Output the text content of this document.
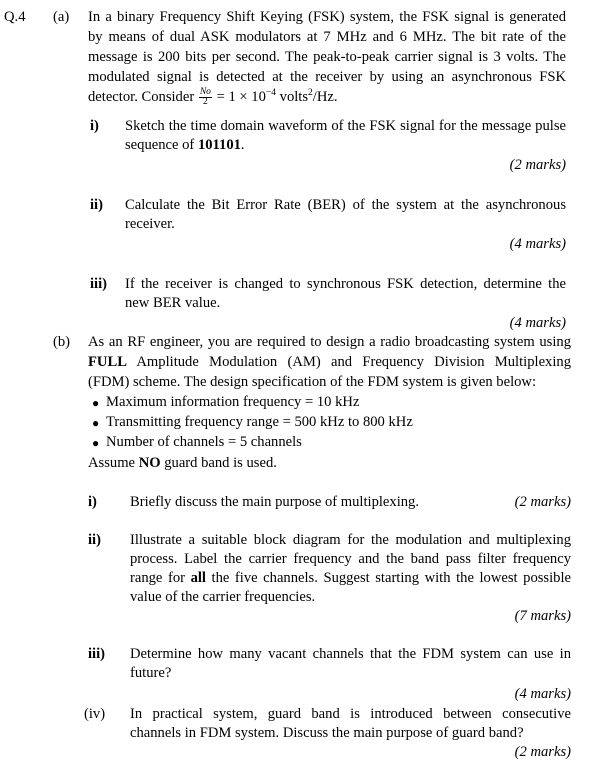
Q.4 (a) In a binary Frequency Shift Keying (FSK) system, the FSK signal is generated
by means of dual ASK modulators at 7 MHz and 6 MHz. The bit rate of the
message is 200 bits per second. The peak-to-peak carrier signal is 3 volts. The
modulated signal is detected at the receiver by using an asynchronous FSK
detector. Consider $\frac{No}{2} = 1 \times 10^{-4}$ volts$^2$/Hz.
i) Sketch the time domain waveform of the FSK signal for the message pulse
sequence of 101101.
(2 marks)
ii) Calculate the Bit Error Rate (BER) of the system at the asynchronous
receiver.
(4 marks)
iii) If the receiver is changed to synchronous FSK detection, determine the
new BER value.
(4 marks)
(b) As an RF engineer, you are required to design a radio broadcasting system using
FULL Amplitude Modulation (AM) and Frequency Division Multiplexing
(FDM) scheme. The design specification of the FDM system is given below:
● Maximum information frequency = 10 kHz
● Transmitting frequency range = 500 kHz to 800 kHz
● Number of channels = 5 channels
Assume NO guard band is used.
i) Briefly discuss the main purpose of multiplexing.	(2 marks)
ii) Illustrate a suitable block diagram for the modulation and multiplexing
process. Label the carrier frequency and the band pass filter frequency
range for all the five channels. Suggest starting with the lowest possible
value of the carrier frequencies.
(7 marks)
iii) Determine how many vacant channels that the FDM system can use in
future?
(4 marks)
(iv) In practical system, guard band is introduced between consecutive
channels in FDM system. Discuss the main purpose of guard band?
(2 marks)
